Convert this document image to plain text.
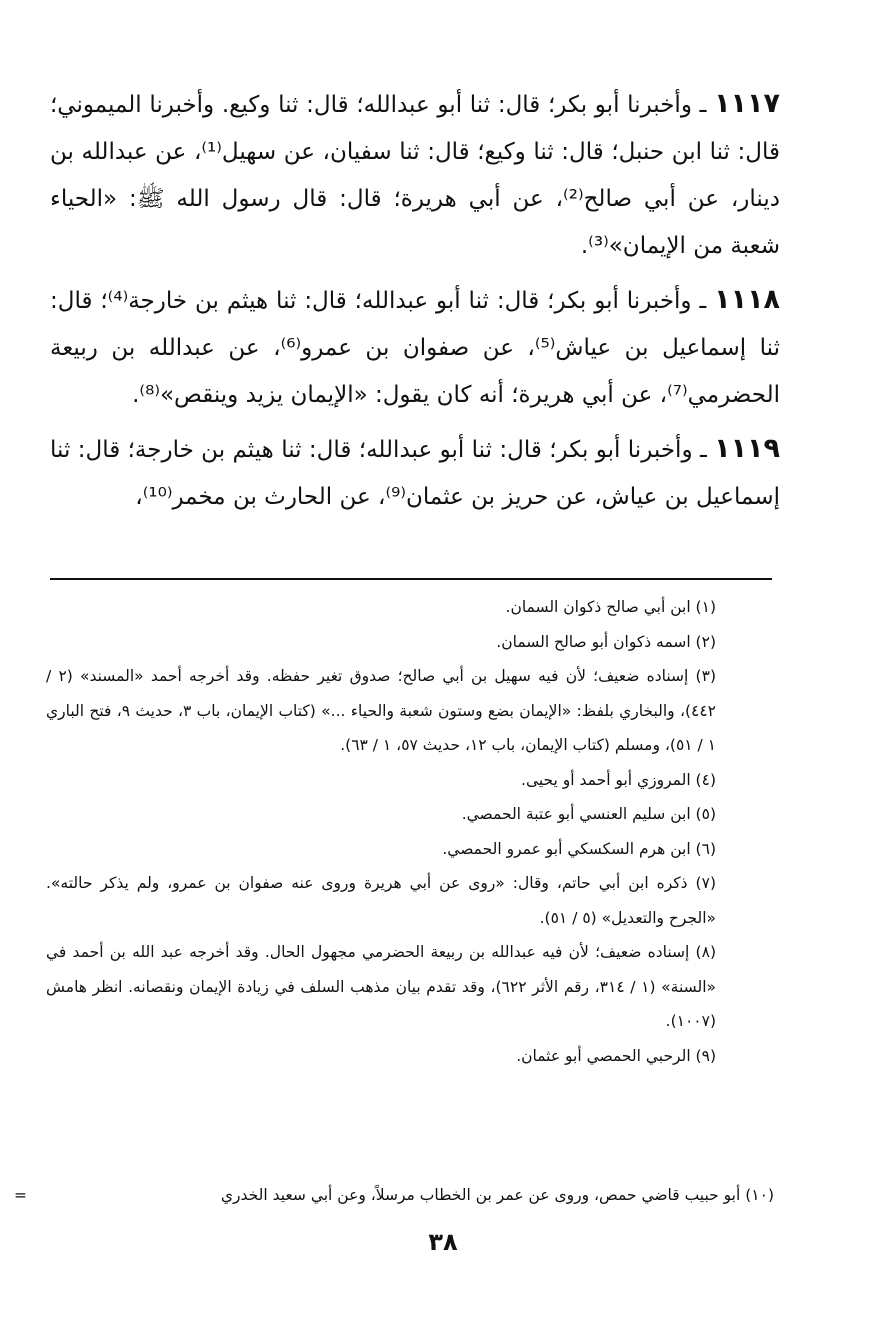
١١١٧ ـ وأخبرنا أبو بكر؛ قال: ثنا أبو عبدالله؛ قال: ثنا وكيع. وأخبرنا الميموني؛ قال: ثنا ابن حنبل؛ قال: ثنا وكيع؛ قال: ثنا سفيان، عن سهيل⁽¹⁾، عن عبدالله بن دينار، عن أبي صالح⁽²⁾، عن أبي هريرة؛ قال: قال رسول الله ﷺ: «الحياء شعبة من الإيمان»⁽³⁾.

١١١٨ ـ وأخبرنا أبو بكر؛ قال: ثنا أبو عبدالله؛ قال: ثنا هيثم بن خارجة⁽⁴⁾؛ قال: ثنا إسماعيل بن عياش⁽⁵⁾، عن صفوان بن عمرو⁽⁶⁾، عن عبدالله بن ربيعة الحضرمي⁽⁷⁾، عن أبي هريرة؛ أنه كان يقول: «الإيمان يزيد وينقص»⁽⁸⁾.

١١١٩ ـ وأخبرنا أبو بكر؛ قال: ثنا أبو عبدالله؛ قال: ثنا هيثم بن خارجة؛ قال: ثنا إسماعيل بن عياش، عن حريز بن عثمان⁽⁹⁾، عن الحارث بن مخمر⁽¹⁰⁾،

(١) ابن أبي صالح ذكوان السمان.

(٢) اسمه ذكوان أبو صالح السمان.

(٣) إسناده ضعيف؛ لأن فيه سهيل بن أبي صالح؛ صدوق تغير حفظه. وقد أخرجه أحمد «المسند» (٢ / ٤٤٢)، والبخاري بلفظ: «الإيمان بضع وستون شعبة والحياء ...» (كتاب الإيمان، باب ٣، حديث ٩، فتح الباري ١ / ٥١)، ومسلم (كتاب الإيمان، باب ١٢، حديث ٥٧، ١ / ٦٣).

(٤) المروزي أبو أحمد أو يحيى.

(٥) ابن سليم العنسي أبو عتبة الحمصي.

(٦) ابن هرم السكسكي أبو عمرو الحمصي.

(٧) ذكره ابن أبي حاتم، وقال: «روى عن أبي هريرة وروى عنه صفوان بن عمرو، ولم يذكر حالته». «الجرح والتعديل» (٥ / ٥١).

(٨) إسناده ضعيف؛ لأن فيه عبدالله بن ربيعة الحضرمي مجهول الحال. وقد أخرجه عبد الله بن أحمد في «السنة» (١ / ٣١٤، رقم الأثر ٦٢٢)، وقد تقدم بيان مذهب السلف في زيادة الإيمان ونقصانه. انظر هامش (١٠٠٧).

(٩) الرحبي الحمصي أبو عثمان.

(١٠) أبو حبيب قاضي حمص، وروى عن عمر بن الخطاب مرسلاً، وعن أبي سعيد الخدري
=
٣٨
